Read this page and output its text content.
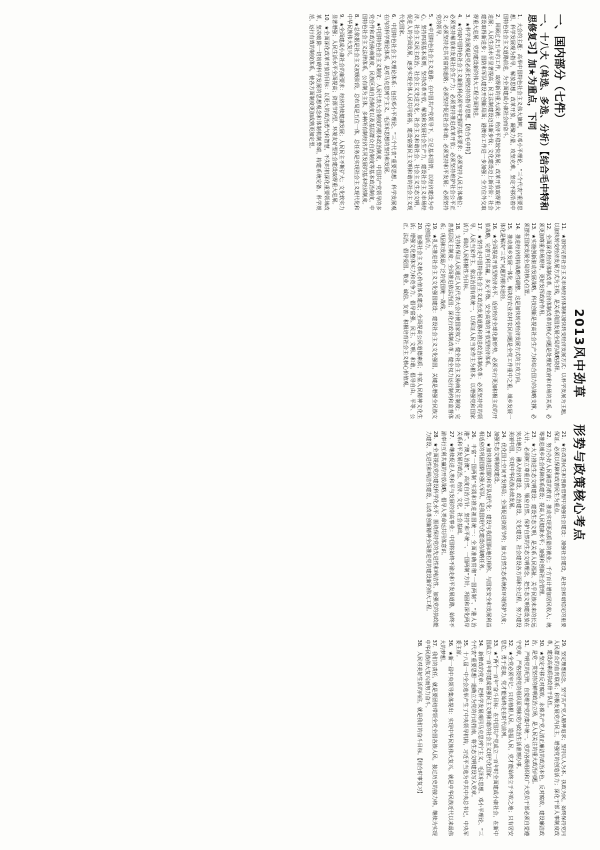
2013风中劲草　　形势与政策核心考点
一、国内部分（七件）
一、十八大（单选、多选、分析）【结合毛中特和思修复习】加★为重点，下同
1．大会的主题：高举中国特色社会主义伟大旗帜，以邓小平理论、“三个代表”重要思想、科学发展观为指导，解放思想，改革开放，凝聚力量，攻坚克难，坚定不移沿着中国特色社会主义道路前进，为全面建成小康社会而奋斗。
2．回顾过去五年的工作，取得新的重大成就：经济平稳较快发展；改革开放取得重大进展；人民生活水平显著提高；民主法制建设迈出新步伐；文化建设迈上新台阶；社会建设取得新进步；国防和军队建设开创新局面；港澳台工作进一步加强；全方位外交取得重大进展；党的建设新的伟大工程全面推进。
3．★科学发展观是党必须长期坚持的指导思想。【结合毛中特】
4．★夺取中国特色社会主义新胜利必须牢牢把握的基本要求：必须坚持人民主体地位；必须坚持解放和发展社会生产力；必须坚持推进改革开放；必须坚持维护社会公平正义；必须坚持走共同富裕道路；必须坚持促进社会和谐；必须坚持和平发展；必须坚持党的领导。
5．★中国特色社会主义道路：在中国共产党领导下，立足基本国情，以经济建设为中心，坚持四项基本原则，坚持改革开放，解放和发展社会生产力，建设社会主义市场经济、社会主义民主政治、社会主义先进文化、社会主义和谐社会、社会主义生态文明，促进人的全面发展，逐步实现全体人民共同富裕，建设富强民主文明和谐的社会主义现代化国家。
6．中国特色社会主义理论体系：包括邓小平理论、“三个代表”重要思想、科学发展观在内的科学理论体系，是对马克思列宁主义、毛泽东思想的坚持和发展。
7．★中国特色社会主义制度：人民代表大会制度的根本政治制度，中国共产党领导的多党合作和政治协商制度、民族区域自治制度以及基层群众自治制度等基本政治制度，中国特色社会主义法律体系，公有制为主体、多种所有制经济共同发展的基本经济制度。
8．★总依据是社会主义初级阶段，总布局是五位一体，总任务是实现社会主义现代化和中华民族伟大复兴。
9．★全面建成小康社会的新要求：经济持续健康发展；人民民主不断扩大；文化软实力显著增强；人民生活水平全面提高；资源节约型、环境友好型社会建设取得重大进展。
10．★全面深化改革开放的目标：以更大的政治勇气和智慧，不失时机深化重要领域改革，坚决破除一切妨碍科学发展的思想观念和体制机制弊端，构建系统完备、科学规范、运行有效的制度体系，使各方面制度更加成熟更加定型。
11．★加快完善社会主义市场经济体制和加快转变经济发展方式：以科学发展为主题，以加快转变经济发展方式为主线，是关系我国发展全局的战略抉择。
12．全面深化经济体制改革。经济体制改革的核心问题是处理好政府和市场的关系，必须更加尊重市场规律，更好发挥政府作用。
13．★实施创新驱动发展战略。科技创新是提高社会生产力和综合国力的战略支撑，必须摆在国家发展全局的核心位置。
14．推进经济结构战略性调整。这是加快转变经济发展方式的主攻方向。
15．推动城乡发展一体化。解决好农业农村农民问题是全党工作重中之重，城乡发展一体化是解决“三农”问题的根本途径。
16．★全面提高开放型经济水平。适应经济全球化新形势，必须实行更加积极主动的开放战略，完善互利共赢、多元平衡、安全高效的开放型经济体系。
17．★坚持走中国特色社会主义政治发展道路和推进政治体制改革：必须坚持党的领导、人民当家作主、依法治国有机统一，以保证人民当家作主为根本，以增强党和国家活力、调动人民积极性为目标。
18．支持和保证人民通过人民代表大会行使国家权力；健全社会主义协商民主制度；完善基层民主制度；全面推进依法治国；深化行政体制改革；健全权力运行制约和监督体系；巩固和发展最广泛的爱国统一战线。
19．★扎实推进社会主义文化强国建设：建设社会主义文化强国，关键是增强全民族文化创造活力。
20．加强社会主义核心价值体系建设；全面提高公民道德素质；丰富人民精神文化生活；增强文化整体实力和竞争力。倡导富强、民主、文明、和谐，倡导自由、平等、公正、法治，倡导爱国、敬业、诚信、友善，积极培育社会主义核心价值观。
21．★在改善民生和创新管理中加强社会建设：加强社会建设，是社会和谐稳定的重要保证。必须以保障和改善民生为重点。
22．努力办好人民满意的教育；推动实现更高质量的就业；千方百计增加居民收入；统筹推进城乡社会保障体系建设；提高人民健康水平；加强和创新社会管理。
23．★大力推进生态文明建设：建设生态文明，是关系人民福祉、关乎民族未来的长远大计。必须树立尊重自然、顺应自然、保护自然的生态文明理念，把生态文明建设放在突出地位，融入经济建设、政治建设、文化建设、社会建设各方面和全过程，努力建设美丽中国，实现中华民族永续发展。
24．优化国土空间开发格局；全面促进资源节约；加大自然生态系统和环境保护力度；加强生态文明制度建设。
25．★加快推进国防和军队现代化：建设与我国国际地位相称、与国家安全和发展利益相适应的巩固国防和强大军队，是我国现代化建设的战略任务。
26．丰富“一国两制”实践和推进祖国统一：全面准确贯彻“一国两制”、“港人治港”、“澳人治澳”、高度自治方针。坚持“和平统一、一国两制”方针，巩固和深化两岸关系和平发展的政治、经济、文化、社会基础。
27．★继续促进人类和平与发展的崇高事业：中国将始终不渝走和平发展道路，始终不渝奉行互利共赢的开放战略。倡导人类命运共同体意识。
28．★全面提高党的建设科学化水平：围绕保持党的先进性和纯洁性，加强党的执政能力建设、先进性和纯洁性建设，以改革创新精神全面推进党的建设新的伟大工程。
29．坚定理想信念，坚守共产党人精神追求；坚持以人为本、执政为民，始终保持党同人民群众的血肉联系；积极发展党内民主，增强党的创造活力；深化干部人事制度改革，建设高素质执政骨干队伍。
30．★坚定不移反对腐败，永葆共产党人清正廉洁的政治本色。反对腐败、建设廉洁政治，是党一贯坚持的鲜明政治立场，是人民关注的重大政治问题。
31．严明党的纪律，自觉维护党的集中统一。党的各级组织和广大党员干部必须自觉遵守党章，严格按照党的组织原则和党内政治生活准则办事。
32．★全党必须牢记：只有植根人民、造福人民，党才能始终立于不败之地；只有居安思危、勇于进取，党才能始终走在时代前列。
33．★“两个一百年”奋斗目标：在中国共产党成立一百年时全面建成小康社会，在新中国成立一百年时建成富强民主文明和谐的社会主义现代化国家。
34．新修改的党章：把科学发展观同马克思列宁主义、毛泽东思想、邓小平理论、“三个代表”重要思想一道确立为党的行动指南，将生态文明建设写入党章。
35．十八届一中全会选举产生了中央领导机构，习近平当选为中共中央总书记，中央军委主席。
36．★新一届中央领导集体提出：实现中华民族伟大复兴，就是中华民族近代以来最伟大的梦想。
37．我们的责任，就是要团结带领全党全国各族人民，接过历史的接力棒，继续为实现中华民族伟大复兴而努力奋斗。
38．人民对美好生活的向往，就是我们的奋斗目标。【结合时事复习】
